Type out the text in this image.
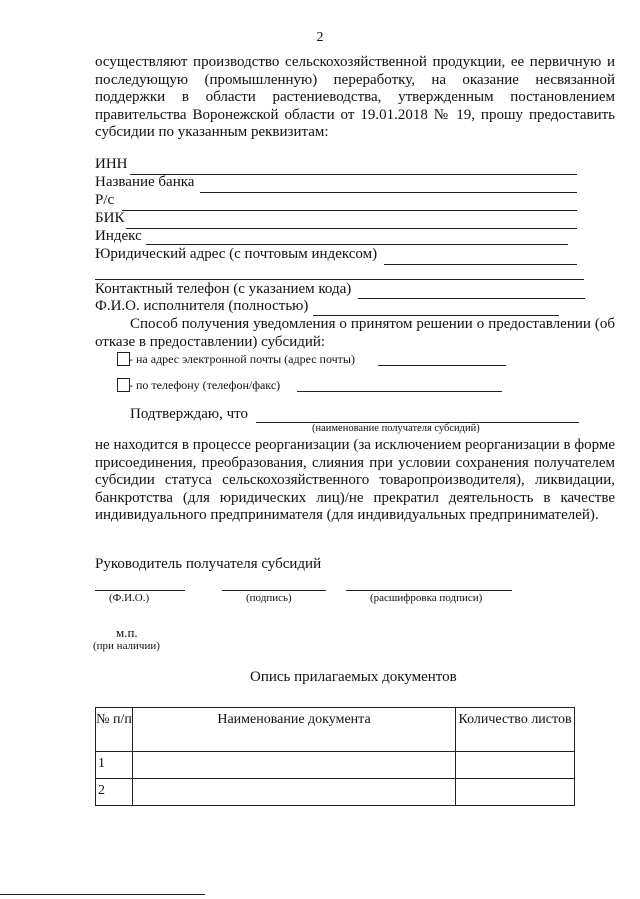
2
осуществляют производство сельскохозяйственной продукции, ее первичную и последующую (промышленную) переработку, на оказание несвязанной поддержки в области растениеводства, утвержденным постановлением правительства Воронежской области от 19.01.2018 № 19, прошу предоставить субсидии по указанным реквизитам:
ИНН
Название банка
Р/с
БИК
Индекс
Юридический адрес (с почтовым индексом)
Контактный телефон (с указанием кода)
Ф.И.О. исполнителя (полностью)
Способ получения уведомления о принятом решении о предоставлении (об отказе в предоставлении) субсидий:
- на адрес электронной почты (адрес почты)
- по телефону (телефон/факс)
Подтверждаю, что
(наименование получателя субсидий)
не находится в процессе реорганизации (за исключением реорганизации в форме присоединения, преобразования, слияния при условии сохранения получателем субсидии статуса сельскохозяйственного товаропроизводителя), ликвидации, банкротства (для юридических лиц)/не прекратил деятельность в качестве индивидуального предпринимателя (для индивидуальных предпринимателей).
Руководитель получателя субсидий
(Ф.И.О.)	(подпись)	(расшифровка подписи)
м.п.
(при наличии)
Опись прилагаемых документов
№ п/п	Наименование документа	Количество листов
1		
2		
